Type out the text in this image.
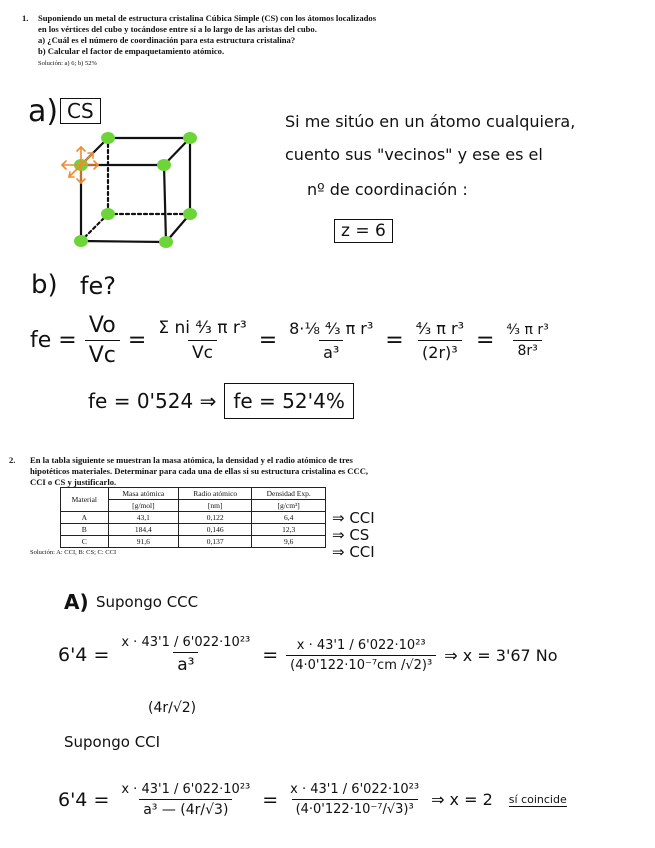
1. Suponiendo un metal de estructura cristalina Cúbica Simple (CS) con los átomos localizados
en los vértices del cubo y tocándose entre sí a lo largo de las aristas del cubo.
a) ¿Cuál es el número de coordinación para esta estructura cristalina?
b) Calcular el factor de empaquetamiento atómico.
Solución: a) 6; b) 52%
a) CS	Si me sitúo en un átomo cualquiera,
cuento sus "vecinos" y ese es el
nº de coordinación :
z = 6
b) fe?
fe = $\frac{Vo}{Vc} = \frac{\text{Σ ni ⁴⁄₃ π r³}}{Vc} = \frac{\text{8·⅛ ⁴⁄₃ π r³}}{\text{a³}} = \frac{\text{⁴⁄₃ π r³}}{\text{(2r)³}} = \frac{\text{⁴⁄₃ π r³}}{\text{8r³}}$
fe = 0'524 ⇒ fe = 52'4%
2. En la tabla siguiente se muestran la masa atómica, la densidad y el radio atómico de tres
hipotéticos materiales. Determinar para cada una de ellas si su estructura cristalina es CCC,
CCI o CS y justificarlo.
Material	Masa atómica	Radio atómico	Densidad Exp.
	[g/mol]	[nm]	[g/cm³]
A	43,1	0,122	6,4
B	184,4	0,146	12,3
C	91,6	0,137	9,6
Solución: A: CCI, B: CS; C: CCI
⇒ CCI
⇒ CS
⇒ CCI
A) Supongo CCC
$6'4 = \frac{\text{x · 43'1 / 6'022·10²³}}{\text{a³}} = \frac{\text{x · 43'1 / 6'022·10²³}}{\text{(4·0'122·10⁻⁷cm /√2)³}}$ ⇒ x = 3'67 No
(4r/√2)
Supongo CCI
$6'4 = \frac{\text{x · 43'1 / 6'022·10²³}}{\text{a³ — (4r/√3)}} = \frac{\text{x · 43'1 / 6'022·10²³}}{\text{(4·0'122·10⁻⁷/√3)³}}$ ⇒ x = 2 sí coincide
